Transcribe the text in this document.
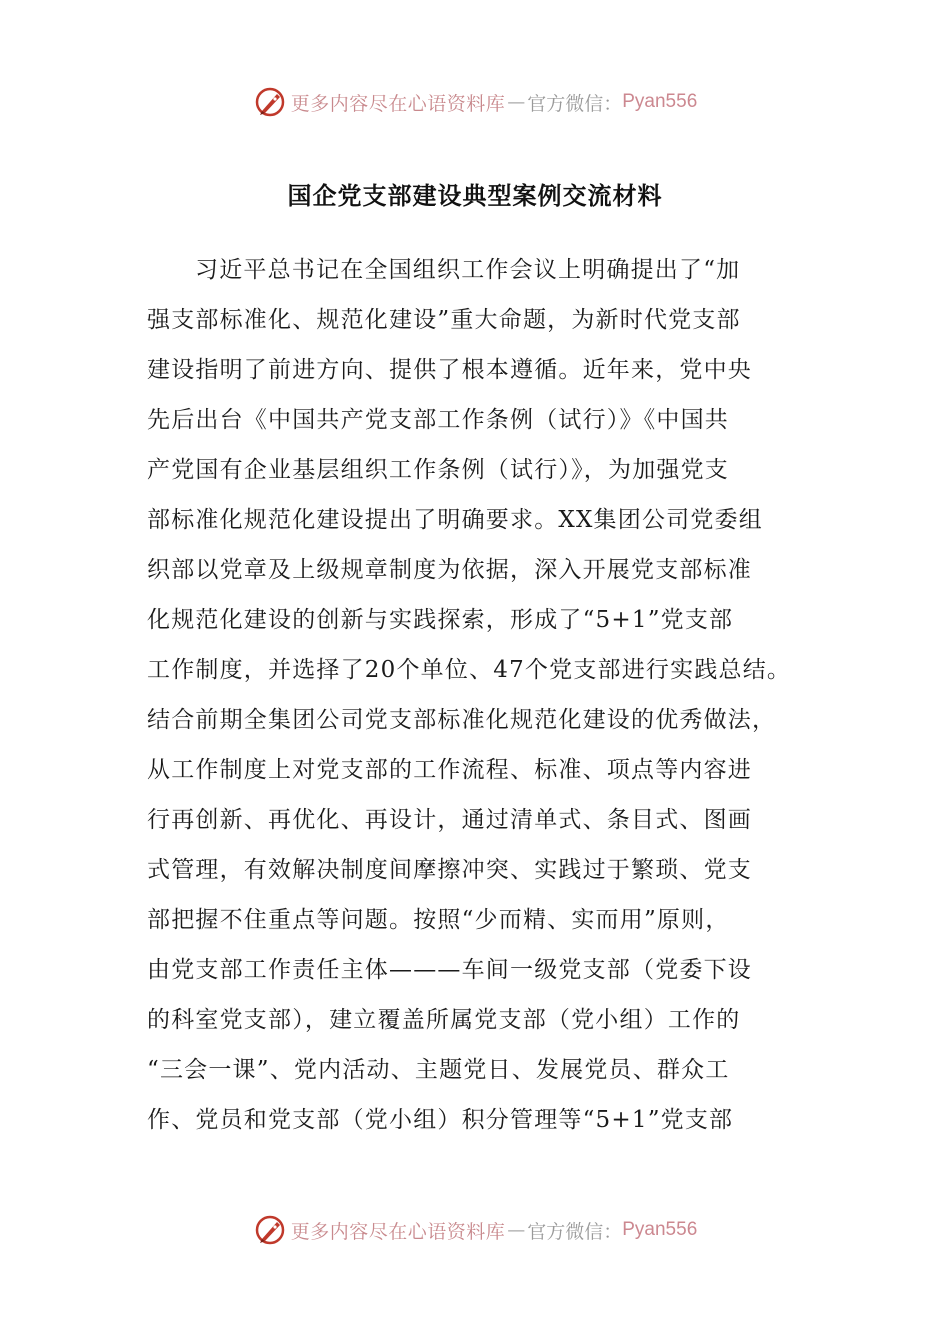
更多内容尽在心语资料库 — 官方微信： Pyan556
国企党支部建设典型案例交流材料
习近平总书记在全国组织工作会议上明确提出了“加
强支部标准化、规范化建设”重大命题，为新时代党支部
建设指明了前进方向、提供了根本遵循。近年来，党中央
先后出台《中国共产党支部工作条例（试行）》《中国共
产党国有企业基层组织工作条例（试行）》，为加强党支
部标准化规范化建设提出了明确要求。XX集团公司党委组
织部以党章及上级规章制度为依据，深入开展党支部标准
化规范化建设的创新与实践探索，形成了“5+1”党支部
工作制度，并选择了20个单位、47个党支部进行实践总结。
结合前期全集团公司党支部标准化规范化建设的优秀做法，
从工作制度上对党支部的工作流程、标准、项点等内容进
行再创新、再优化、再设计，通过清单式、条目式、图画
式管理，有效解决制度间摩擦冲突、实践过于繁琐、党支
部把握不住重点等问题。按照“少而精、实而用”原则，
由党支部工作责任主体———车间一级党支部（党委下设
的科室党支部），建立覆盖所属党支部（党小组）工作的
“三会一课”、党内活动、主题党日、发展党员、群众工
作、党员和党支部（党小组）积分管理等“5+1”党支部
更多内容尽在心语资料库 — 官方微信： Pyan556
